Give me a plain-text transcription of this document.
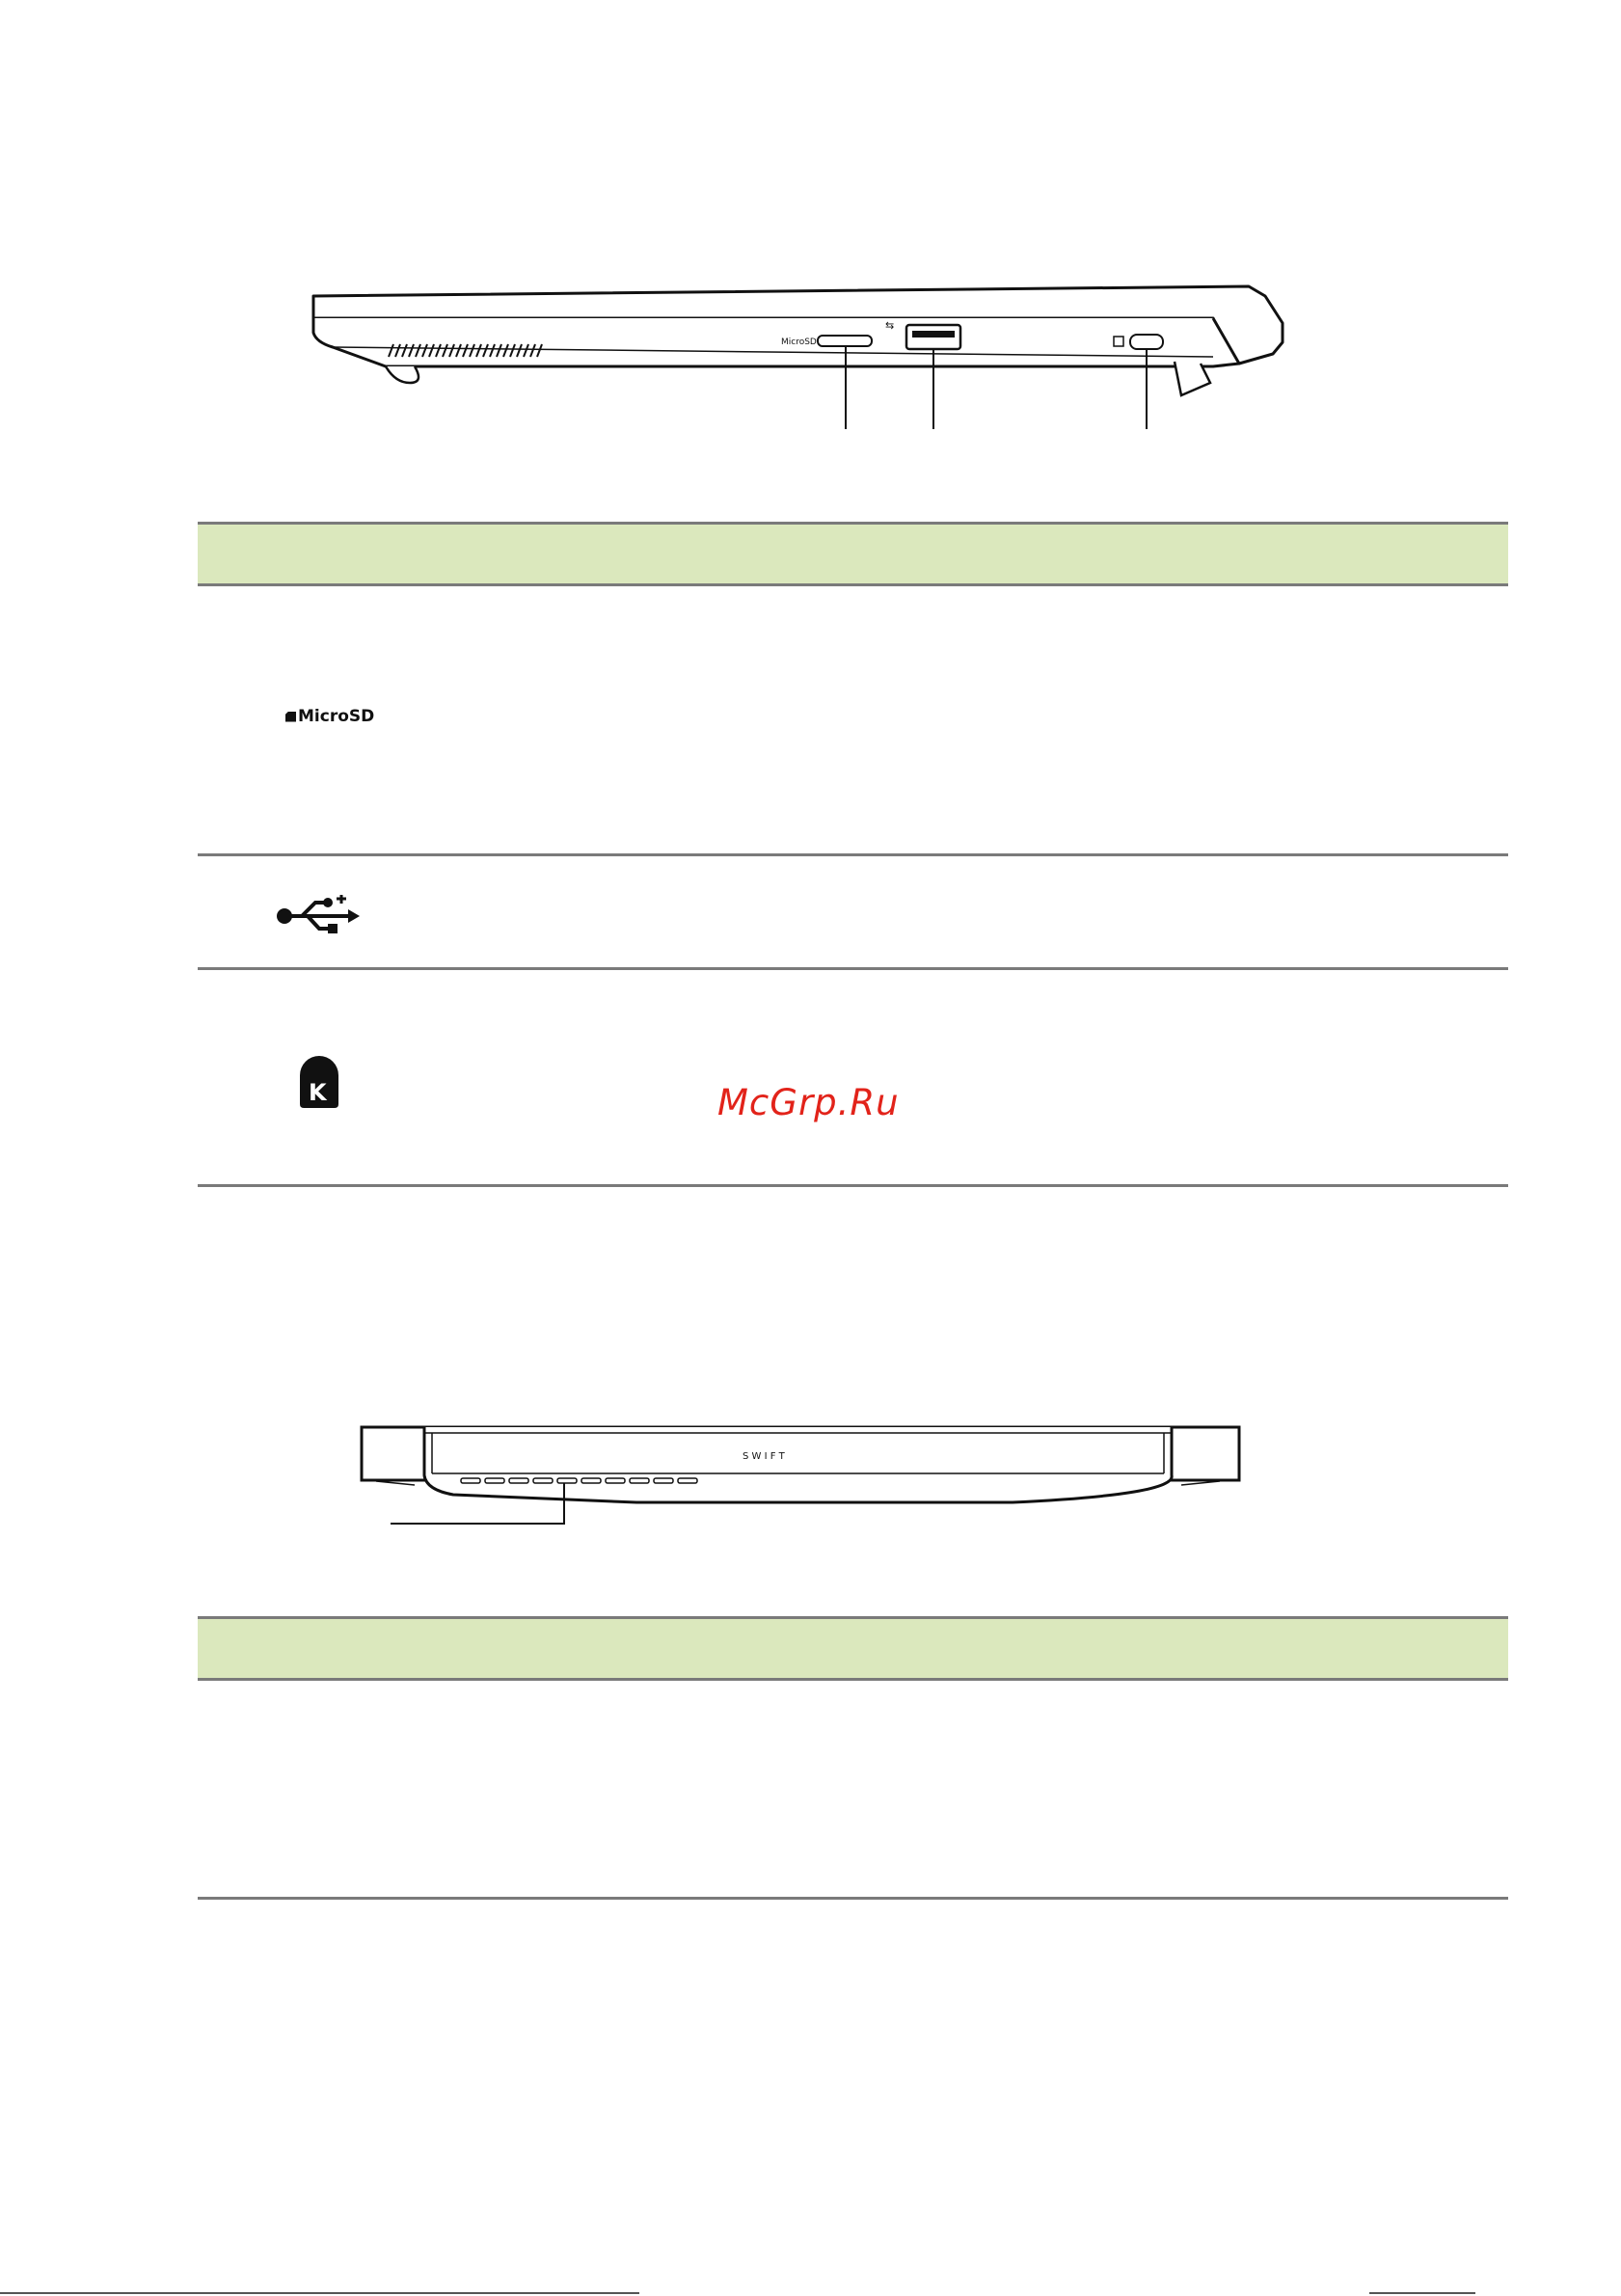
MicroSD
⇆
MicroSD
K	McGrp.Ru
S W I F T
